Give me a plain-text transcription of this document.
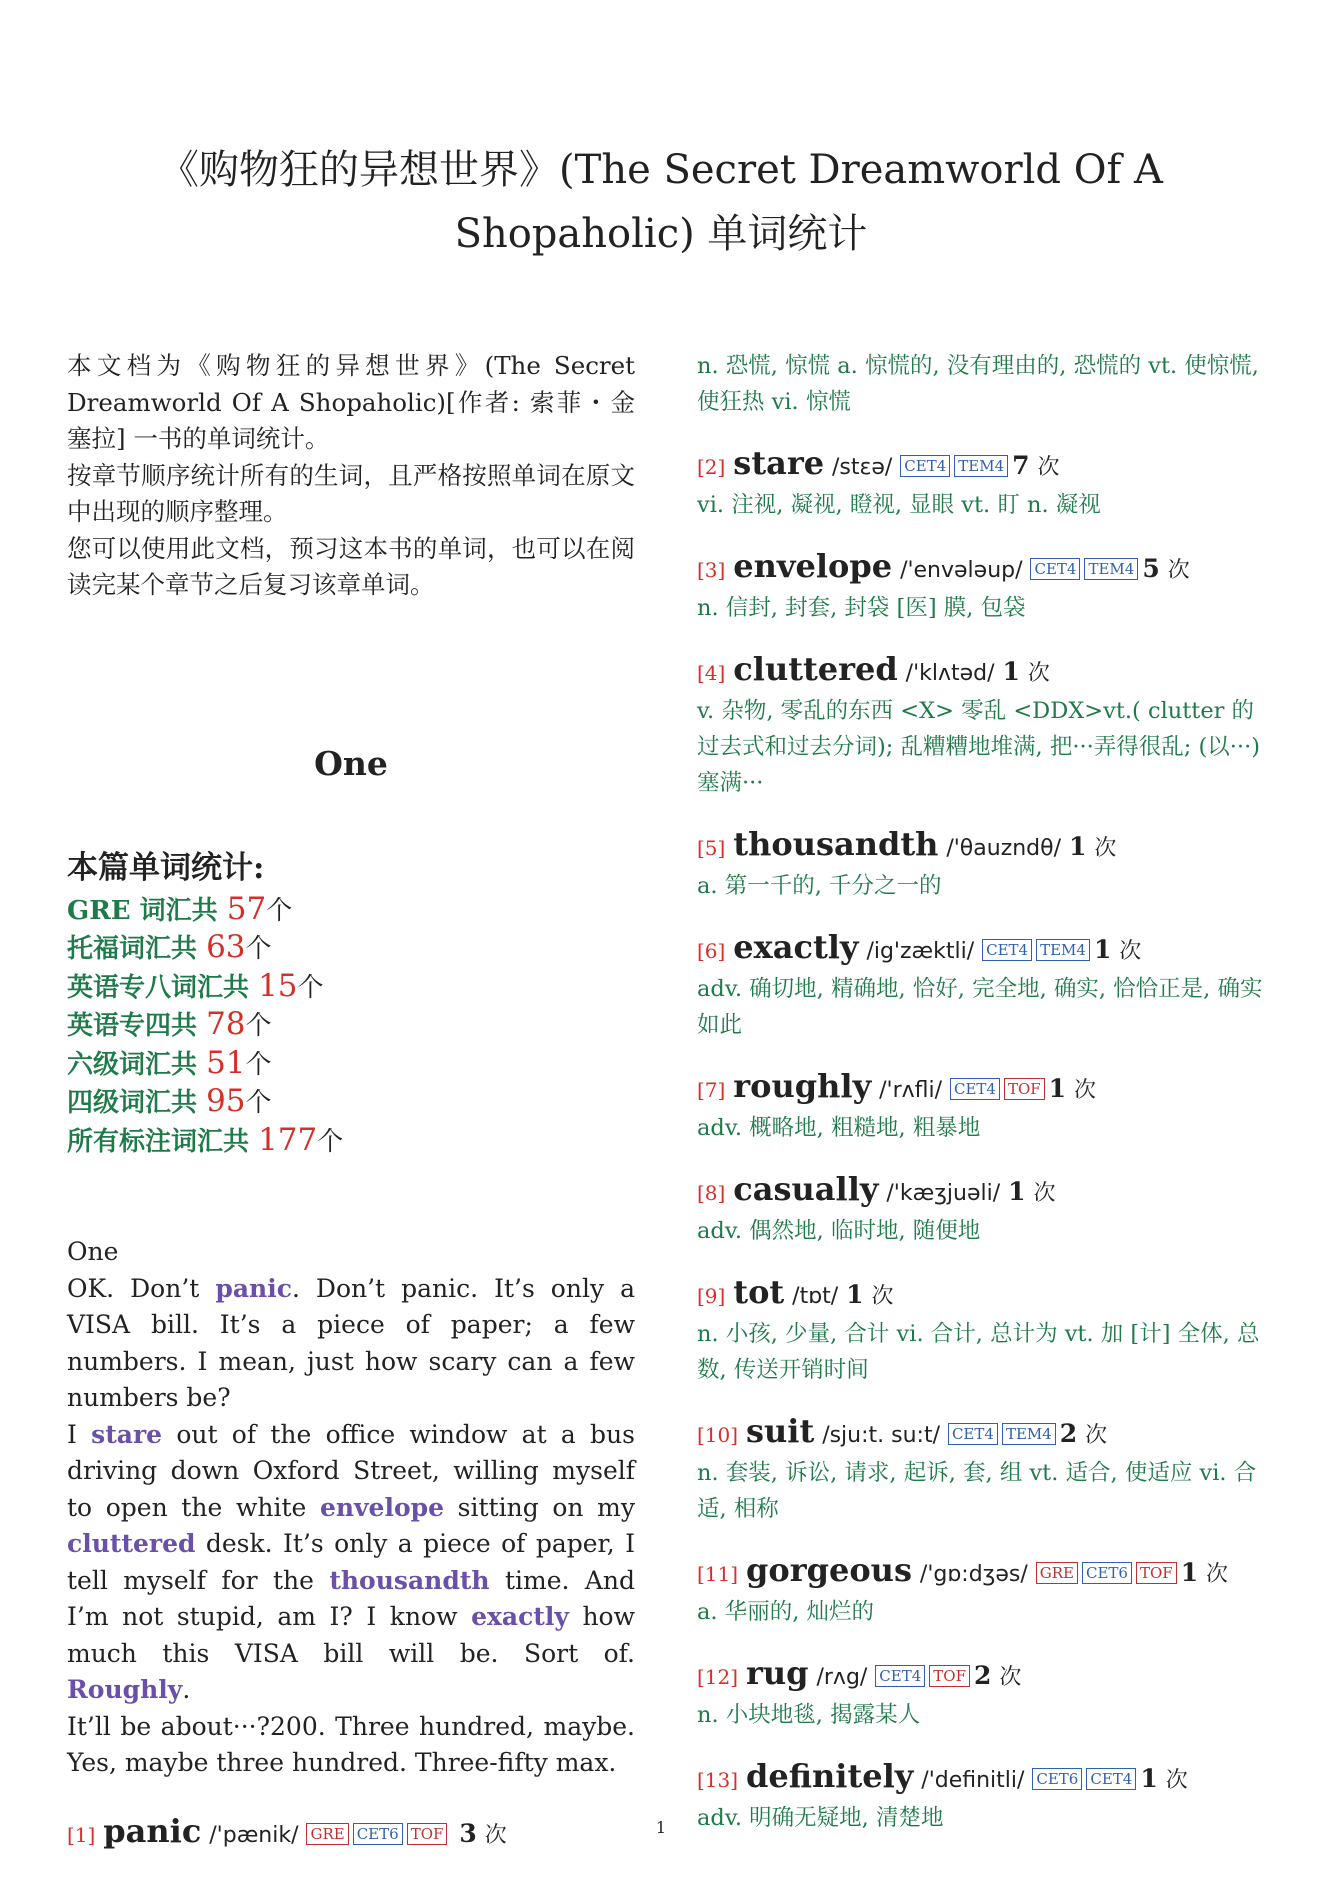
《购物狂的异想世界》(The Secret Dreamworld Of A Shopaholic) 单词统计

本文档为《购物狂的异想世界》(The Secret Dreamworld Of A Shopaholic)[作者: 索菲・金塞拉] 一书的单词统计。

按章节顺序统计所有的生词，且严格按照单词在原文中出现的顺序整理。

您可以使用此文档，预习这本书的单词，也可以在阅读完某个章节之后复习该章单词。

One
本篇单词统计:
GRE 词汇共 57个
托福词汇共 63个
英语专八词汇共 15个
英语专四共 78个
六级词汇共 51个
四级词汇共 95个
所有标注词汇共 177个

One

OK. Don’t panic. Don’t panic. It’s only a VISA bill. It’s a piece of paper; a few numbers. I mean, just how scary can a few numbers be?

I stare out of the office window at a bus driving down Oxford Street, willing myself to open the white envelope sitting on my cluttered desk. It’s only a piece of paper, I tell myself for the thousandth time. And I’m not stupid, am I? I know exactly how much this VISA bill will be. Sort of. Roughly.

It’ll be about···?200. Three hundred, maybe. Yes, maybe three hundred. Three-fifty max.

[1] panic /'pænik/ GRE CET6 TOF 3 次

n. 恐慌, 惊慌 a. 惊慌的, 没有理由的, 恐慌的 vt. 使惊慌, 使狂热 vi. 惊慌

[2] stare /stεə/ CET4 TEM4 7 次

vi. 注视, 凝视, 瞪视, 显眼 vt. 盯 n. 凝视

[3] envelope /'envələup/ CET4 TEM4 5 次

n. 信封, 封套, 封袋 [医] 膜, 包袋

[4] cluttered /'klʌtəd/ 1 次

v. 杂物, 零乱的东西 <X> 零乱 <DDX>vt.( clutter 的过去式和过去分词); 乱糟糟地堆满, 把···弄得很乱; (以···)塞满···

[5] thousandth /'θauzndθ/ 1 次

a. 第一千的, 千分之一的

[6] exactly /ig'zæktli/ CET4 TEM4 1 次

adv. 确切地, 精确地, 恰好, 完全地, 确实, 恰恰正是, 确实如此

[7] roughly /'rʌfli/ CET4 TOF 1 次

adv. 概略地, 粗糙地, 粗暴地

[8] casually /'kæʒjuəli/ 1 次

adv. 偶然地, 临时地, 随便地

[9] tot /tɒt/ 1 次

n. 小孩, 少量, 合计 vi. 合计, 总计为 vt. 加 [计] 全体, 总数, 传送开销时间

[10] suit /sju:t. su:t/ CET4 TEM4 2 次

n. 套装, 诉讼, 请求, 起诉, 套, 组 vt. 适合, 使适应 vi. 合适, 相称

[11] gorgeous /'gɒ:dʒəs/ GRE CET6 TOF 1 次

a. 华丽的, 灿烂的

[12] rug /rʌg/ CET4 TOF 2 次

n. 小块地毯, 揭露某人

[13] definitely /'definitli/ CET6 CET4 1 次

adv. 明确无疑地, 清楚地

1
